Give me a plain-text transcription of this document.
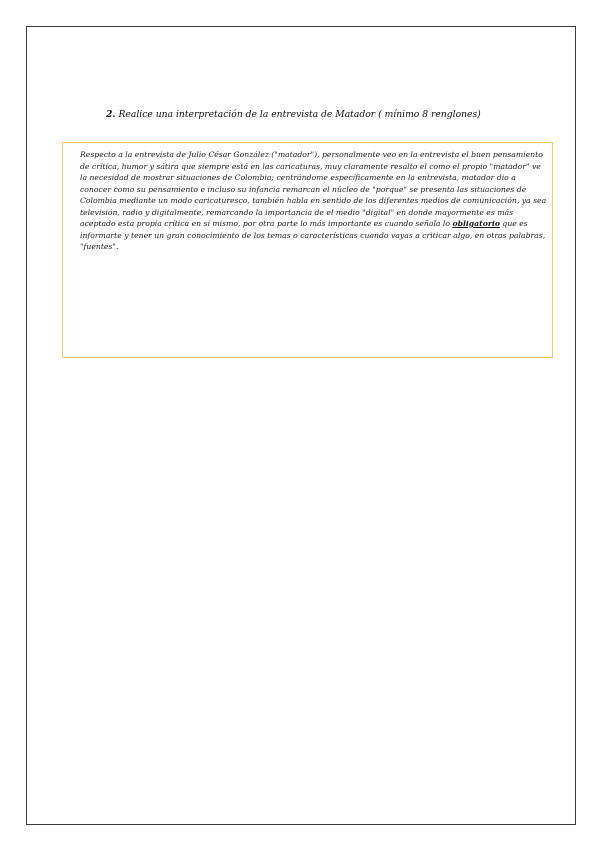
2. Realice una interpretación de la entrevista de Matador ( mínimo 8 renglones)
Respecto a la entrevista de Julio César González ("matador"), personalmente veo en la entrevista el buen pensamiento de crítica, humor y sátira que siempre está en las caricaturas, muy claramente resalto el como el propio "matador" ve la necesidad de mostrar situaciones de Colombia; centrándome específicamente en la entrevista, matador dio a conocer como su pensamiento e incluso su infancia remarcan el núcleo de "porque" se presenta las situaciones de Colombia mediante un modo caricaturesco, también habla en sentido de los diferentes medios de comunicación, ya sea televisión, radio y digitalmente, remarcando la importancia de el medio "digital" en donde mayormente es más aceptado esta propia crítica en sí mismo, por otra parte lo más importante es cuando señala lo obligatorio que es informarte y tener un gran conocimiento de los temas o características cuando vayas a criticar algo, en otras palabras, "fuentes".
